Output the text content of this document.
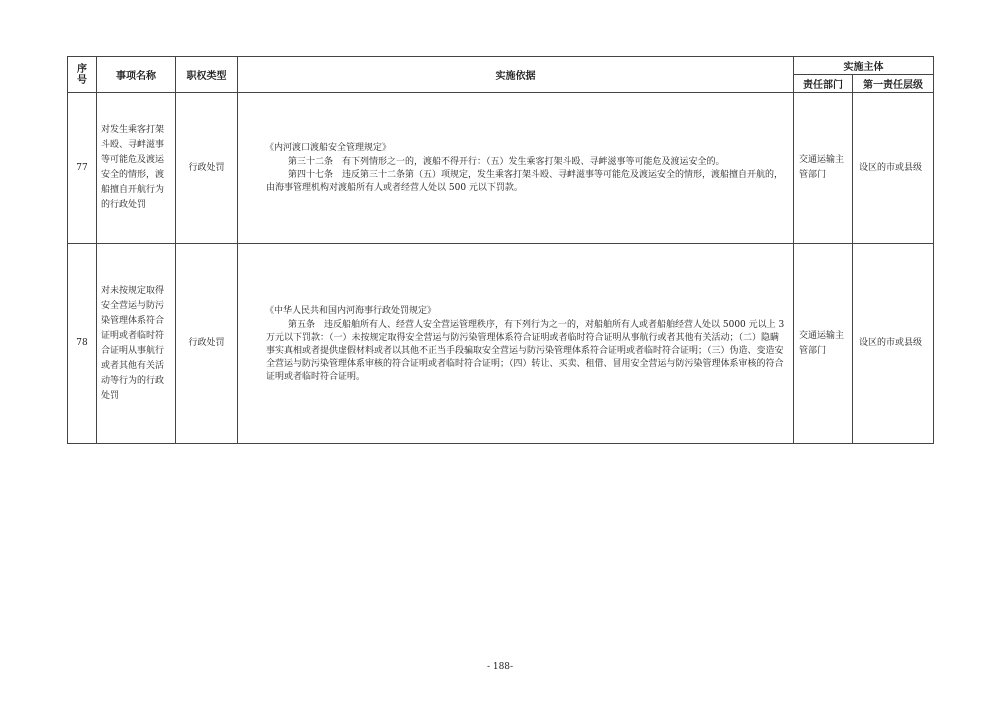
序号	事项名称	职权类型	实施依据	实施主体	
				责任部门	第一责任层级
77	对发生乘客打架斗殴、寻衅滋事等可能危及渡运安全的情形，渡船擅自开航行为的行政处罚	行政处罚	《内河渡口渡船安全管理规定》

第三十二条　有下列情形之一的，渡船不得开行：（五）发生乘客打架斗殴、寻衅滋事等可能危及渡运安全的。

第四十七条　违反第三十二条第（五）项规定，发生乘客打架斗殴、寻衅滋事等可能危及渡运安全的情形，渡船擅自开航的，由海事管理机构对渡船所有人或者经营人处以 500 元以下罚款。	交通运输主管部门	设区的市或县级
78	对未按规定取得安全营运与防污染管理体系符合证明或者临时符合证明从事航行或者其他有关活动等行为的行政处罚	行政处罚	《中华人民共和国内河海事行政处罚规定》

第五条　违反船舶所有人、经营人安全营运管理秩序，有下列行为之一的，对船舶所有人或者船舶经营人处以 5000 元以上 3 万元以下罚款：（一）未按规定取得安全营运与防污染管理体系符合证明或者临时符合证明从事航行或者其他有关活动；（二）隐瞒事实真相或者提供虚假材料或者以其他不正当手段骗取安全营运与防污染管理体系符合证明或者临时符合证明；（三）伪造、变造安全营运与防污染管理体系审核的符合证明或者临时符合证明；（四）转让、买卖、租借、冒用安全营运与防污染管理体系审核的符合证明或者临时符合证明。	交通运输主管部门	设区的市或县级
- 188-
